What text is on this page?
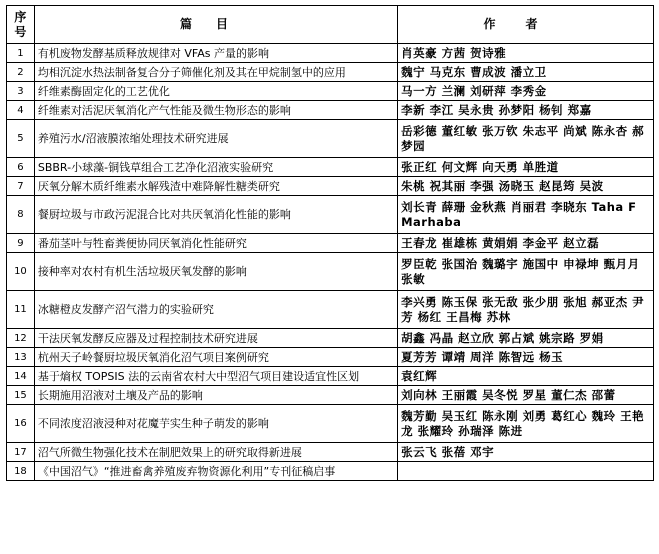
序号	篇目	作者
1	有机废物发酵基质释放规律对 VFAs 产量的影响	肖英豪 方茜 贺诗雅
2	均相沉淀水热法制备复合分子筛催化剂及其在甲烷制氢中的应用	魏宁 马克东 曹成波 潘立卫
3	纤维素酶固定化的工艺优化	马一方 兰澜 刘研萍 李秀金
4	纤维素对活泥厌氧消化产气性能及微生物形态的影响	李新 李江 吴永贵 孙梦阳 杨钊 郑嘉
5	养殖污水/沼液膜浓缩处理技术研究进展	岳彩德 董红敏 张万钦 朱志平 尚斌 陈永杏 郝梦园
6	SBBR-小球藻-铜钱草组合工艺净化沼液实验研究	张正红 何文辉 向天勇 单胜道
7	厌氧分解木质纤维素水解残渣中难降解性糖类研究	朱桃 祝其丽 李强 汤晓玉 赵昆筠 吴波
8	餐厨垃圾与市政污泥混合比对共厌氧消化性能的影响	刘长青 薛珊 金秋燕 肖丽君 李晓东 Taha F Marhaba
9	番茄茎叶与牲畜粪便协同厌氧消化性能研究	王春龙 崔雄栋 黄娟娟 李金平 赵立磊
10	接种率对农村有机生活垃圾厌氧发酵的影响	罗臣乾 张国治 魏璐宇 施国中 申禄坤 甄月月 张敏
11	冰糖橙皮发酵产沼气潜力的实验研究	李兴勇 陈玉保 张无敌 张少朋 张旭 郝亚杰 尹芳 杨红 王昌梅 苏林
12	干法厌氧发酵反应器及过程控制技术研究进展	胡鑫 冯晶 赵立欣 郭占斌 姚宗路 罗娟
13	杭州天子岭餐厨垃圾厌氧消化沼气项目案例研究	夏芳芳 谭靖 周洋 陈智远 杨玉
14	基于熵权 TOPSIS 法的云南省农村大中型沼气项目建设适宜性区划	袁红辉
15	长期施用沼液对土壤及产品的影响	刘向林 王丽霞 吴冬悦 罗星 董仁杰 邵蕾
16	不同浓度沼液浸种对花魔芋实生种子萌发的影响	魏芳勤 吴玉红 陈永刚 刘勇 葛红心 魏玲 王艳龙 张耀玲 孙瑞泽 陈进
17	沼气所微生物强化技术在制肥效果上的研究取得新进展	张云飞 张蓓 邓宇
18	《中国沼气》“推进畜禽养殖废弃物资源化利用”专刊征稿启事	
